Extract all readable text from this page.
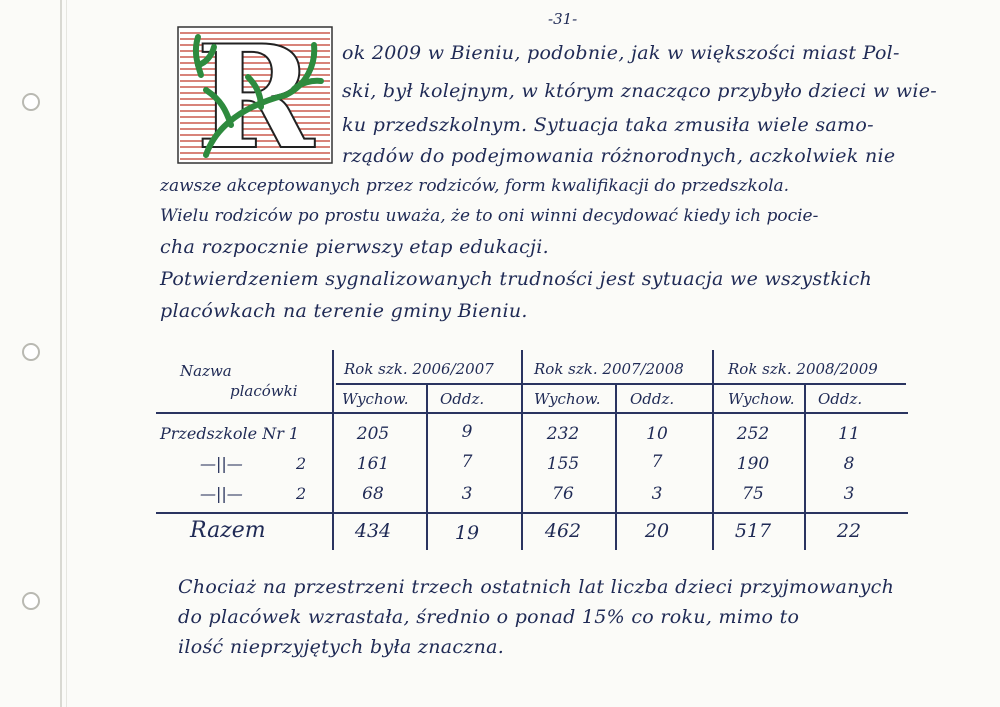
-31-
R ok 2009 w Bieniu, podobnie, jak w większości miast Pol-
ski, był kolejnym, w którym znacząco przybyło dzieci w wie-
ku przedszkolnym. Sytuacja taka zmusiła wiele samo-
rządów do podejmowania różnorodnych, aczkolwiek nie
zawsze akceptowanych przez rodziców, form kwalifikacji do przedszkola.
Wielu rodziców po prostu uważa, że to oni winni decydować kiedy ich pocie-
cha rozpocznie pierwszy etap edukacji.
Potwierdzeniem sygnalizowanych trudności jest sytuacja we wszystkich
placówkach na terenie gminy Bieniu.
Nazwa
placówki
Rok szk. 2006/2007	Rok szk. 2007/2008	Rok szk. 2008/2009
Wychow. Oddz.	Wychow. Oddz.	Wychow. Oddz.
Przedszkole Nr 1	205	9	232	10	252	11
—||—	2	161	7	155	7	190	8
—||—	2	68	3	76	3	75	3
Razem	434	19	462	20	517	22
Chociaż na przestrzeni trzech ostatnich lat liczba dzieci przyjmowanych
do placówek wzrastała, średnio o ponad 15% co roku, mimo to
ilość nieprzyjętych była znaczna.
